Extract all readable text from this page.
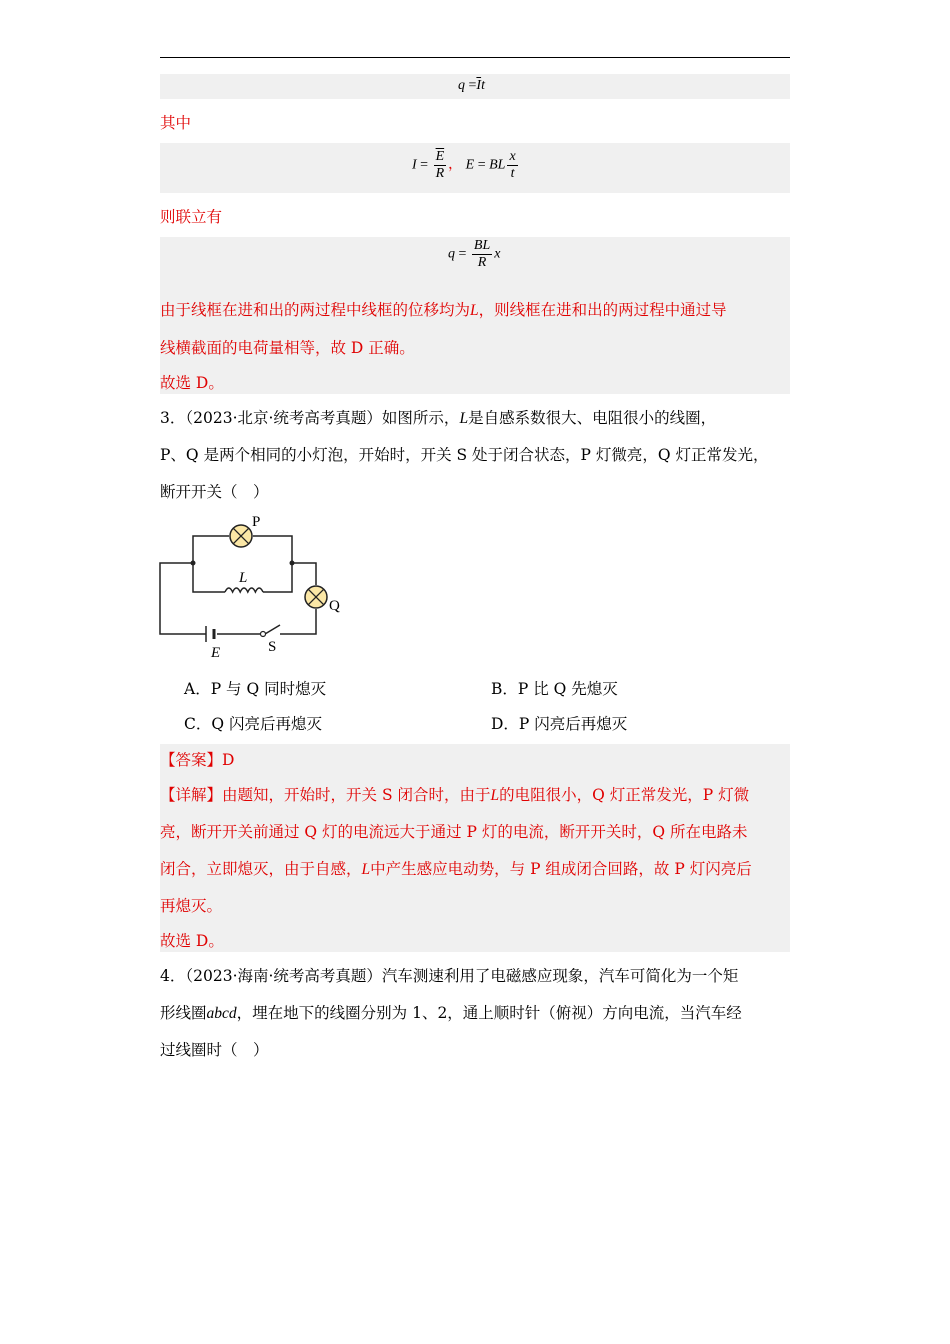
$q =\overline{I}t$
其中
$I = \frac{\overline{E}}{R}$ ， E = BL $\frac{x}{t}$
则联立有
$q = \frac{BL}{R}$ x
由于线框在进和出的两过程中线框的位移均为L，则线框在进和出的两过程中通过导
线横截面的电荷量相等，故 D 正确。
故选 D。
3．（2023·北京·统考高考真题）如图所示，L是自感系数很大、电阻很小的线圈，
P、Q 是两个相同的小灯泡，开始时，开关 S 处于闭合状态，P 灯微亮，Q 灯正常发光，
断开开关（　）
P
Q
L
E	S
A．P 与 Q 同时熄灭	B．P 比 Q 先熄灭
C．Q 闪亮后再熄灭	D．P 闪亮后再熄灭
【答案】D
【详解】由题知，开始时，开关 S 闭合时，由于L的电阻很小，Q 灯正常发光，P 灯微
亮，断开开关前通过 Q 灯的电流远大于通过 P 灯的电流，断开开关时，Q 所在电路未
闭合，立即熄灭，由于自感，L中产生感应电动势，与 P 组成闭合回路，故 P 灯闪亮后
再熄灭。
故选 D。
4．（2023·海南·统考高考真题）汽车测速利用了电磁感应现象，汽车可简化为一个矩
形线圈abcd，埋在地下的线圈分别为 1、2，通上顺时针（俯视）方向电流，当汽车经
过线圈时（　）
